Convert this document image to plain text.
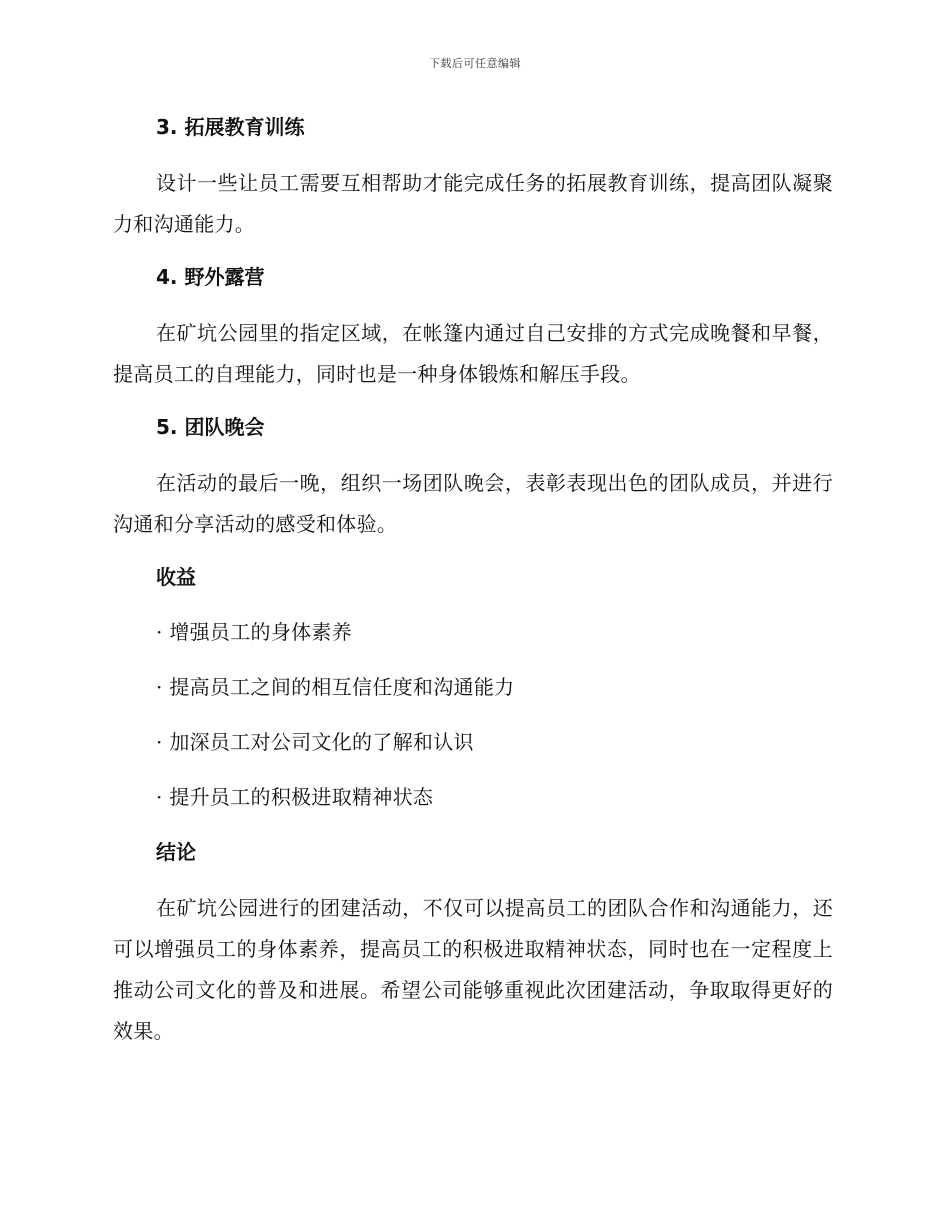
下载后可任意编辑
3. 拓展教育训练

设计一些让员工需要互相帮助才能完成任务的拓展教育训练，提高团队凝聚力和沟通能力。

4. 野外露营

在矿坑公园里的指定区域，在帐篷内通过自己安排的方式完成晚餐和早餐，提高员工的自理能力，同时也是一种身体锻炼和解压手段。

5. 团队晚会

在活动的最后一晚，组织一场团队晚会，表彰表现出色的团队成员，并进行沟通和分享活动的感受和体验。

收益

· 增强员工的身体素养

· 提高员工之间的相互信任度和沟通能力

· 加深员工对公司文化的了解和认识

· 提升员工的积极进取精神状态

结论

在矿坑公园进行的团建活动，不仅可以提高员工的团队合作和沟通能力，还可以增强员工的身体素养，提高员工的积极进取精神状态，同时也在一定程度上推动公司文化的普及和进展。希望公司能够重视此次团建活动，争取取得更好的效果。
